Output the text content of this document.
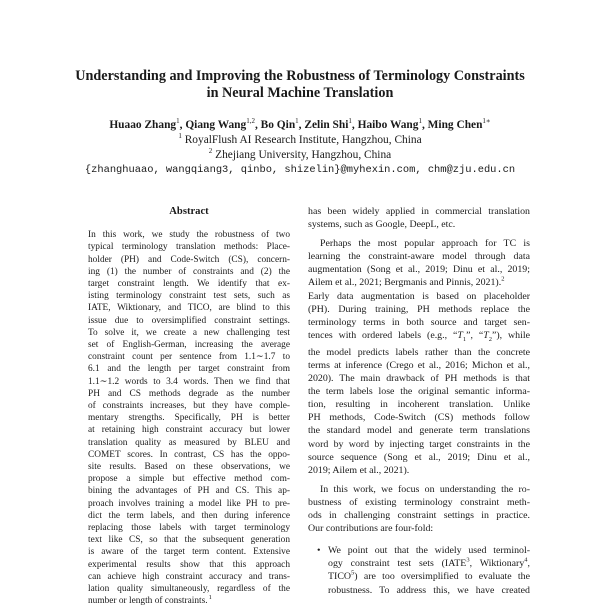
Understanding and Improving the Robustness of Terminology Constraints
in Neural Machine Translation
Huaao Zhang$^1$, Qiang Wang$^{1,2}$, Bo Qin$^1$, Zelin Shi$^1$, Haibo Wang$^1$, Ming Chen$^{1∗}$
$^1$ RoyalFlush AI Research Institute, Hangzhou, China
$^2$ Zhejiang University, Hangzhou, China
{zhanghuaao, wangqiang3, qinbo, shizelin}@myhexin.com, chm@zju.edu.cn
Abstract
In this work, we study the robustness of two
typical terminology translation methods: Place-
holder (PH) and Code-Switch (CS), concern-
ing (1) the number of constraints and (2) the
target constraint length. We identify that ex-
isting terminology constraint test sets, such as
IATE, Wiktionary, and TICO, are blind to this
issue due to oversimplified constraint settings.
To solve it, we create a new challenging test
set of English-German, increasing the average
constraint count per sentence from 1.1∼1.7 to
6.1 and the length per target constraint from
1.1∼1.2 words to 3.4 words. Then we find that
PH and CS methods degrade as the number
of constraints increases, but they have comple-
mentary strengths. Specifically, PH is better
at retaining high constraint accuracy but lower
translation quality as measured by BLEU and
COMET scores. In contrast, CS has the oppo-
site results. Based on these observations, we
propose a simple but effective method com-
bining the advantages of PH and CS. This ap-
proach involves training a model like PH to pre-
dict the term labels, and then during inference
replacing those labels with target terminology
text like CS, so that the subsequent generation
is aware of the target term content. Extensive
experimental results show that this approach
can achieve high constraint accuracy and trans-
lation quality simultaneously, regardless of the
number or length of constraints.$^1$
has been widely applied in commercial translation
systems, such as Google, DeepL, etc.
Perhaps the most popular approach for TC is
learning the constraint-aware model through data
augmentation (Song et al., 2019; Dinu et al., 2019;
Ailem et al., 2021; Bergmanis and Pinnis, 2021).$^2$
Early data augmentation is based on placeholder
(PH). During training, PH methods replace the
terminology terms in both source and target sen-
tences with ordered labels (e.g., “$T_1$”, “$T_2$”), while
the model predicts labels rather than the concrete
terms at inference (Crego et al., 2016; Michon et al.,
2020). The main drawback of PH methods is that
the term labels lose the original semantic informa-
tion, resulting in incoherent translation. Unlike
PH methods, Code-Switch (CS) methods follow
the standard model and generate term translations
word by word by injecting target constraints in the
source sequence (Song et al., 2019; Dinu et al.,
2019; Ailem et al., 2021).
In this work, we focus on understanding the ro-
bustness of existing terminology constraint meth-
ods in challenging constraint settings in practice.
Our contributions are four-fold:
• We point out that the widely used terminol-
ogy constraint test sets (IATE$^3$, Wiktionary$^4$,
TICO$^5$) are too oversimplified to evaluate the
robustness. To address this, we have created
